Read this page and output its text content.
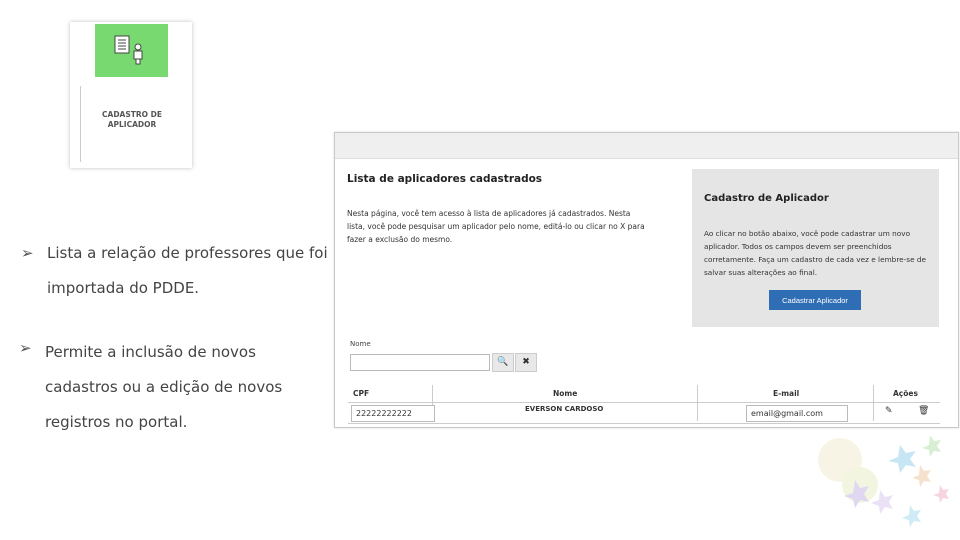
CADASTRO DE
APLICADOR
➢ Lista a relação de professores que foi
importada do PDDE.
➢ Permite a inclusão de novos
cadastros ou a edição de novos
registros no portal.
Lista de aplicadores cadastrados
Nesta página, você tem acesso à lista de aplicadores já cadastrados. Nesta lista, você pode pesquisar um aplicador pelo nome, editá-lo ou clicar no X para fazer a exclusão do mesmo.
Cadastro de Aplicador
Ao clicar no botão abaixo, você pode cadastrar um novo aplicador. Todos os campos devem ser preenchidos corretamente. Faça um cadastro de cada vez e lembre-se de salvar suas alterações ao final.
Cadastrar Aplicador
Nome
🔍	✖
CPF	Nome	E-mail	Ações
22222222222	EVERSON CARDOSO	email@gmail.com	✎	🗑
